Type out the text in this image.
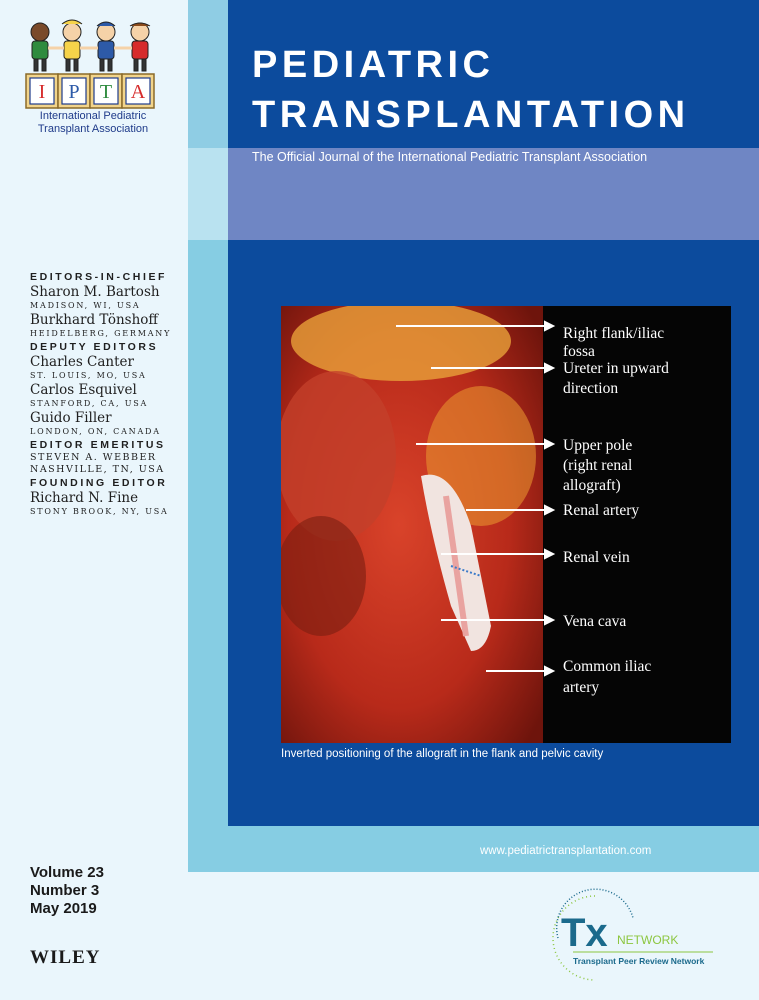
I P T A
International Pediatric
Transplant Association
PEDIATRIC
TRANSPLANTATION
The Official Journal of the International Pediatric Transplant Association
EDITORS-IN-CHIEF
Sharon M. Bartosh
MADISON, WI, USA
Burkhard Tönshoff
HEIDELBERG, GERMANY
DEPUTY EDITORS
Charles Canter
ST. LOUIS, MO, USA
Carlos Esquivel
STANFORD, CA, USA
Guido Filler
LONDON, ON, CANADA
EDITOR EMERITUS
STEVEN A. WEBBER
NASHVILLE, TN, USA
FOUNDING EDITOR
Richard N. Fine
STONY BROOK, NY, USA
Right flank/iliac
fossa
Ureter in upward
direction
Upper pole
(right renal
allograft)
Renal artery
Renal vein
Vena cava
Common iliac
artery
Inverted positioning of the allograft in the flank and pelvic cavity
www.pediatrictransplantation.com
Volume 23
Number 3
May 2019
WILEY
Tx NETWORK
Transplant Peer Review Network
